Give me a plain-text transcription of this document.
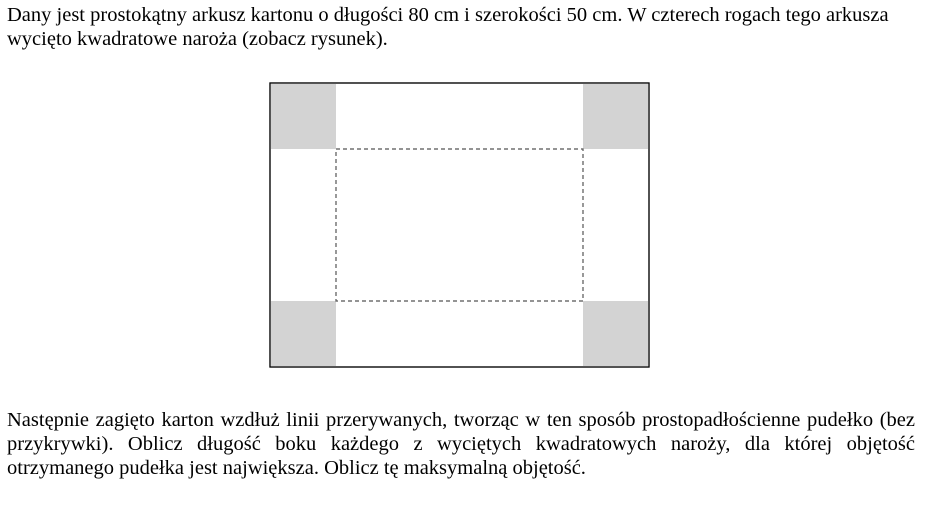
Dany jest prostokątny arkusz kartonu o długości 80 cm i szerokości 50 cm. W czterech rogach tego arkusza wycięto kwadratowe naroża (zobacz rysunek).

Następnie zagięto karton wzdłuż linii przerywanych, tworząc w ten sposób prostopadłościenne pudełko (bez przykrywki). Oblicz długość boku każdego z wyciętych kwadratowych naroży, dla której objętość otrzymanego pudełka jest największa. Oblicz tę maksymalną objętość.
